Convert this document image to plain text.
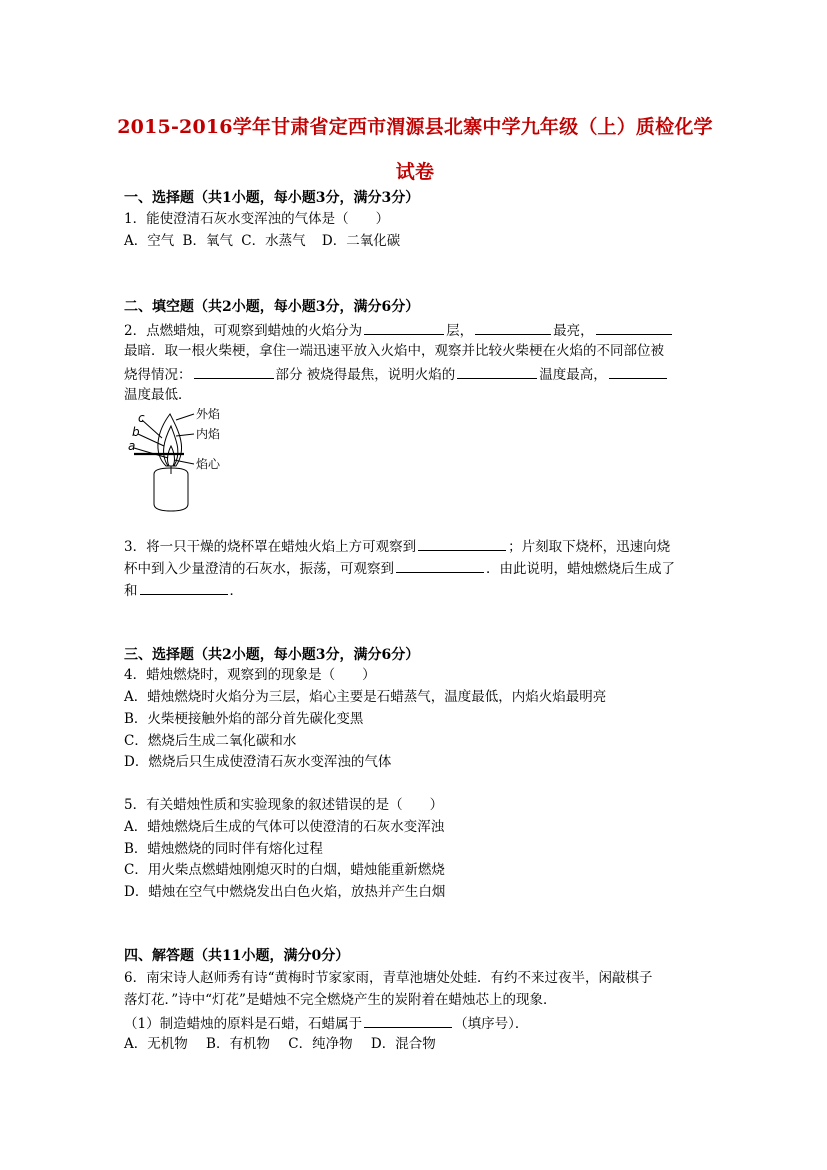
2015-2016学年甘肃省定西市渭源县北寨中学九年级（上）质检化学
试卷
一、选择题（共1小题，每小题3分，满分3分）
1．能使澄清石灰水变浑浊的气体是（　　）
A．空气 B．氧气 C．水蒸气 D．二氧化碳
二、填空题（共2小题，每小题3分，满分6分）
2．点燃蜡烛，可观察到蜡烛的火焰分为	层，	最亮，
最暗．取一根火柴梗，拿住一端迅速平放入火焰中，观察并比较火柴梗在火焰的不同部位被
烧得情况：	部分 被烧得最焦，说明火焰的	温度最高，
温度最低．
c
b
a
外焰
内焰
焰心
3．将一只干燥的烧杯罩在蜡烛火焰上方可观察到	；片刻取下烧杯，迅速向烧
杯中到入少量澄清的石灰水，振荡，可观察到	．由此说明，蜡烛燃烧后生成了
和	．
三、选择题（共2小题，每小题3分，满分6分）
4．蜡烛燃烧时，观察到的现象是（　　）
A．蜡烛燃烧时火焰分为三层，焰心主要是石蜡蒸气，温度最低，内焰火焰最明亮
B．火柴梗接触外焰的部分首先碳化变黑
C．燃烧后生成二氧化碳和水
D．燃烧后只生成使澄清石灰水变浑浊的气体
5．有关蜡烛性质和实验现象的叙述错误的是（　　）
A．蜡烛燃烧后生成的气体可以使澄清的石灰水变浑浊
B．蜡烛燃烧的同时伴有熔化过程
C．用火柴点燃蜡烛刚熄灭时的白烟，蜡烛能重新燃烧
D．蜡烛在空气中燃烧发出白色火焰，放热并产生白烟
四、解答题（共11小题，满分0分）
6．南宋诗人赵师秀有诗“黄梅时节家家雨，青草池塘处处蛙．有约不来过夜半，闲敲棋子
落灯花．”诗中“灯花”是蜡烛不完全燃烧产生的炭附着在蜡烛芯上的现象．
（1）制造蜡烛的原料是石蜡，石蜡属于	（填序号）．
A．无机物 B．有机物 C．纯净物 D．混合物
